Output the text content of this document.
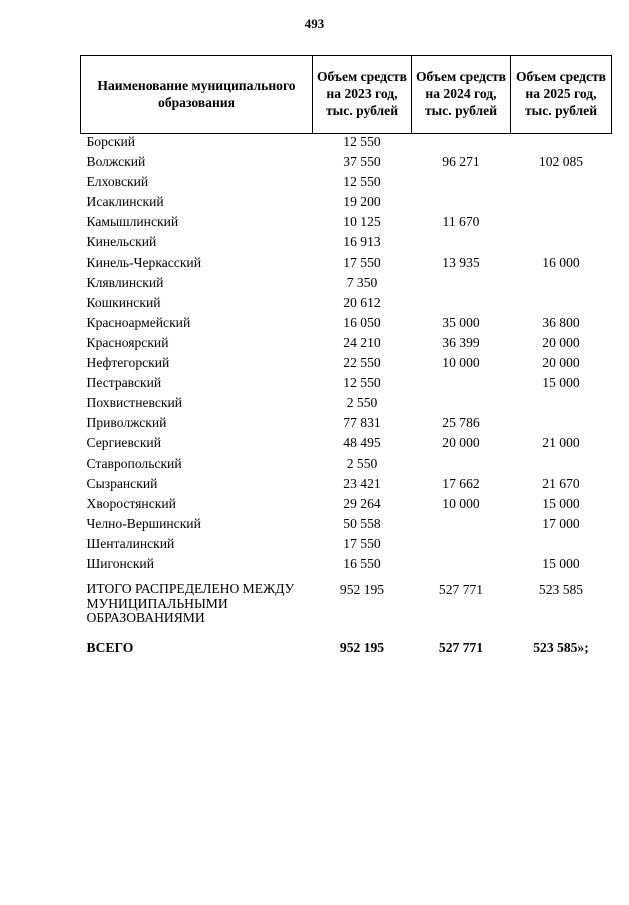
493
Наименование муниципального образования	Объем средств на 2023 год, тыс. рублей	Объем средств на 2024 год, тыс. рублей	Объем средств на 2025 год, тыс. рублей
Борский	12 550		
Волжский	37 550	96 271	102 085
Елховский	12 550		
Исаклинский	19 200		
Камышлинский	10 125	11 670	
Кинельский	16 913		
Кинель-Черкасский	17 550	13 935	16 000
Клявлинский	7 350		
Кошкинский	20 612		
Красноармейский	16 050	35 000	36 800
Красноярский	24 210	36 399	20 000
Нефтегорский	22 550	10 000	20 000
Пестравский	12 550		15 000
Похвистневский	2 550		
Приволжский	77 831	25 786	
Сергиевский	48 495	20 000	21 000
Ставропольский	2 550		
Сызранский	23 421	17 662	21 670
Хворостянский	29 264	10 000	15 000
Челно-Вершинский	50 558		17 000
Шенталинский	17 550		
Шигонский	16 550		15 000
ИТОГО РАСПРЕДЕЛЕНО МЕЖДУ МУНИЦИПАЛЬНЫМИ ОБРАЗОВАНИЯМИ	952 195	527 771	523 585
ВСЕГО	952 195	527 771	523 585»;
